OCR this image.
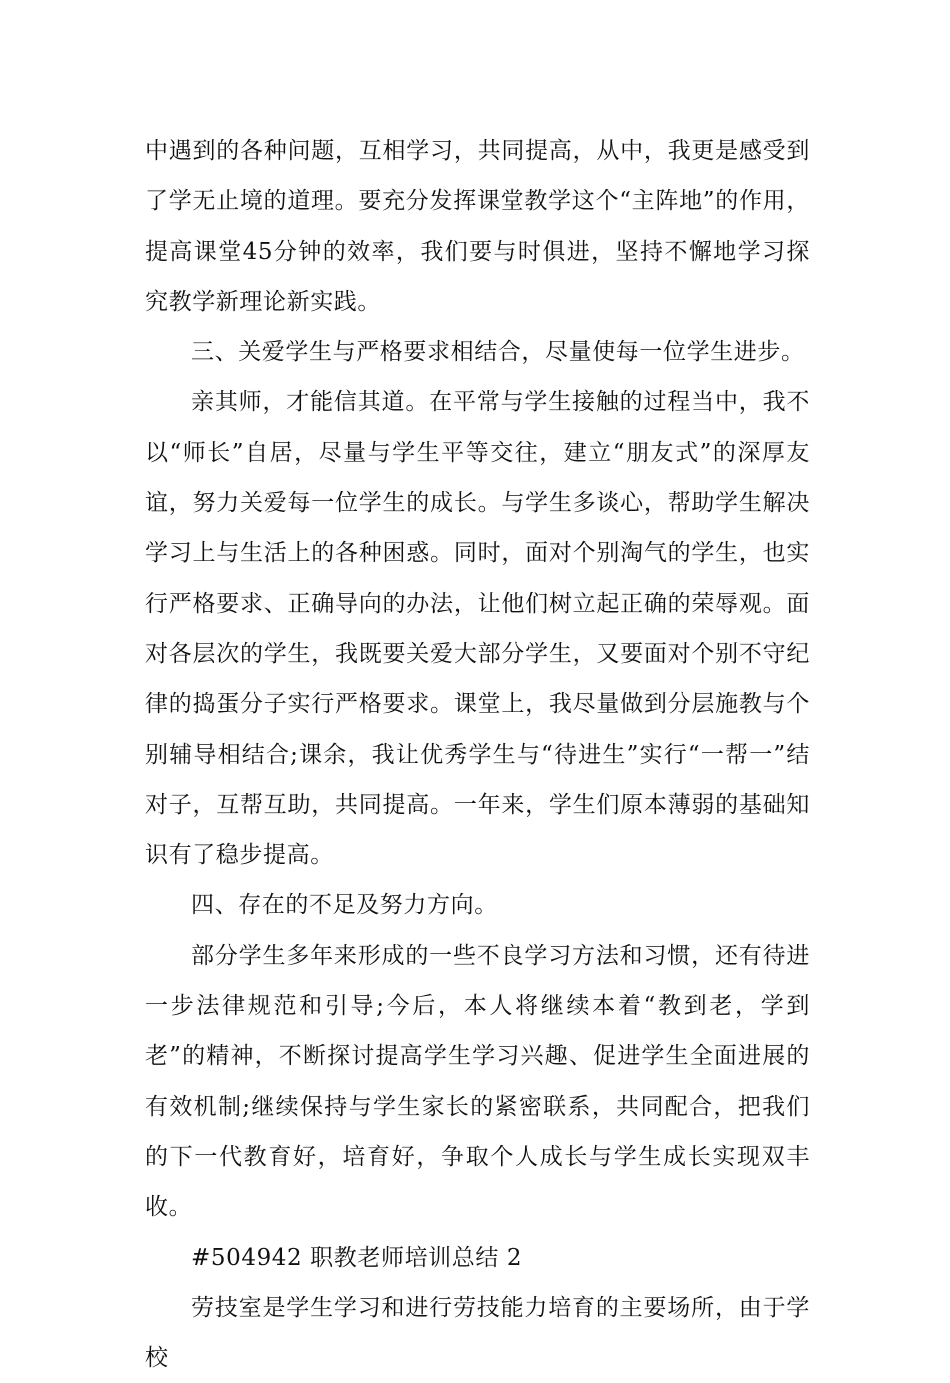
中遇到的各种问题，互相学习，共同提高，从中，我更是感受到了学无止境的道理。要充分发挥课堂教学这个“主阵地”的作用，提高课堂45分钟的效率，我们要与时俱进，坚持不懈地学习探究教学新理论新实践。

三、关爱学生与严格要求相结合，尽量使每一位学生进步。

亲其师，才能信其道。在平常与学生接触的过程当中，我不以“师长”自居，尽量与学生平等交往，建立“朋友式”的深厚友谊，努力关爱每一位学生的成长。与学生多谈心，帮助学生解决学习上与生活上的各种困惑。同时，面对个别淘气的学生，也实行严格要求、正确导向的办法，让他们树立起正确的荣辱观。面对各层次的学生，我既要关爱大部分学生，又要面对个别不守纪律的捣蛋分子实行严格要求。课堂上，我尽量做到分层施教与个别辅导相结合;课余，我让优秀学生与“待进生”实行“一帮一”结对子，互帮互助，共同提高。一年来，学生们原本薄弱的基础知识有了稳步提高。

四、存在的不足及努力方向。

部分学生多年来形成的一些不良学习方法和习惯，还有待进一步法律规范和引导;今后，本人将继续本着“教到老，学到老”的精神，不断探讨提高学生学习兴趣、促进学生全面进展的有效机制;继续保持与学生家长的紧密联系，共同配合，把我们的下一代教育好，培育好，争取个人成长与学生成长实现双丰收。

#504942 职教老师培训总结 2

劳技室是学生学习和进行劳技能力培育的主要场所，由于学校
